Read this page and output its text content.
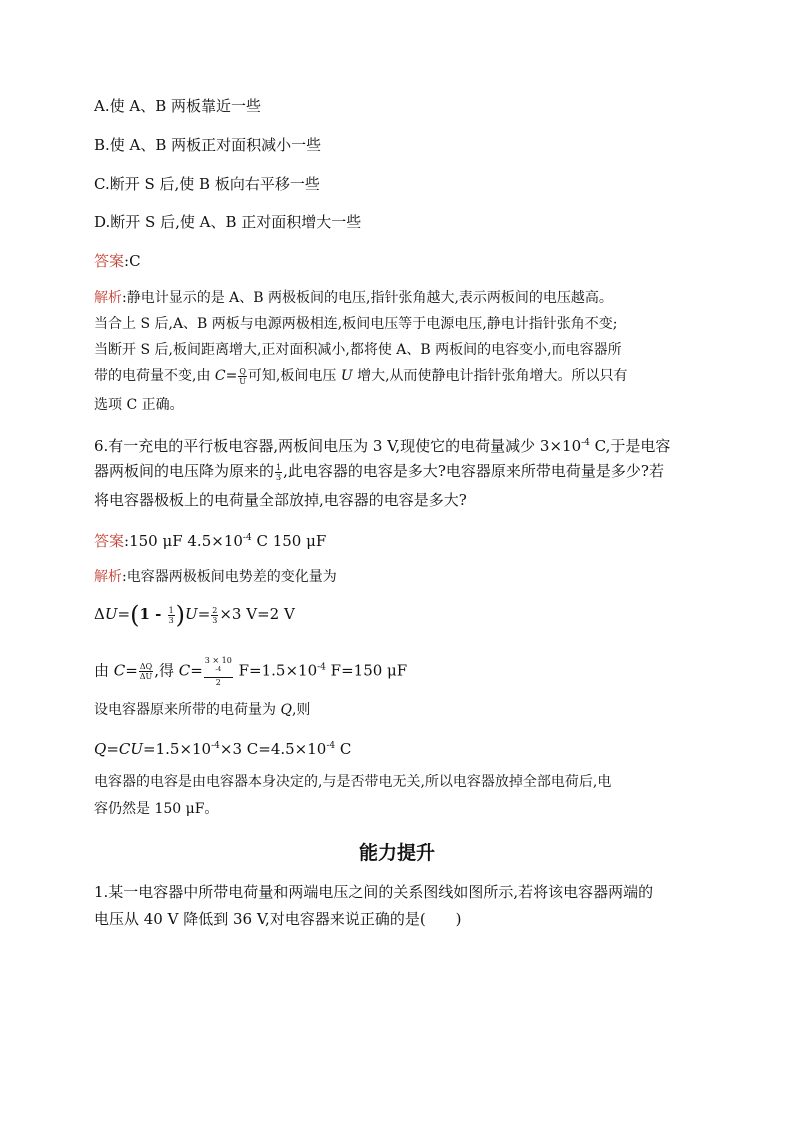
A.使 A、B 两板靠近一些
B.使 A、B 两板正对面积减小一些
C.断开 S 后,使 B 板向右平移一些
D.断开 S 后,使 A、B 正对面积增大一些
答案:C
解析:静电计显示的是 A、B 两极板间的电压,指针张角越大,表示两板间的电压越高。
当合上 S 后,A、B 两板与电源两极相连,板间电压等于电源电压,静电计指针张角不变;
当断开 S 后,板间距离增大,正对面积减小,都将使 A、B 两板间的电容变小,而电容器所
带的电荷量不变,由 $C= \frac{Q}{U}$ 可知,板间电压 U 增大,从而使静电计指针张角增大。所以只有
选项 C 正确。
6.有一充电的平行板电容器,两板间电压为 3 V,现使它的电荷量减少 $3\times 10^{-4}$ C,于是电容
器两板间的电压降为原来的 $\frac{1}{3}$ ,此电容器的电容是多大?电容器原来所带电荷量是多少?若
将电容器极板上的电荷量全部放掉,电容器的电容是多大?
答案:150 μF $4.5\times 10^{-4}$ C 150 μF
解析:电容器两极板间电势差的变化量为
$\Delta U=(1 - \frac{1}{3} )U= \frac{2}{3} \times 3$ V=2 V
由 $C= \frac{\Delta Q}{\Delta U}$ ,得 C= 3 × 10
$^{-4}$
2 $F=1.5\times 10^{-4}$ F=150 μF
设电容器原来所带的电荷量为 Q,则
$Q=CU=1.5\times 10^{-4}\times 3$ $C=4.5\times 10^{-4}$ C
电容器的电容是由电容器本身决定的,与是否带电无关,所以电容器放掉全部电荷后,电
容仍然是 150 μF。
能力提升
1.某一电容器中所带电荷量和两端电压之间的关系图线如图所示,若将该电容器两端的
电压从 40 V 降低到 36 V,对电容器来说正确的是(　　)
